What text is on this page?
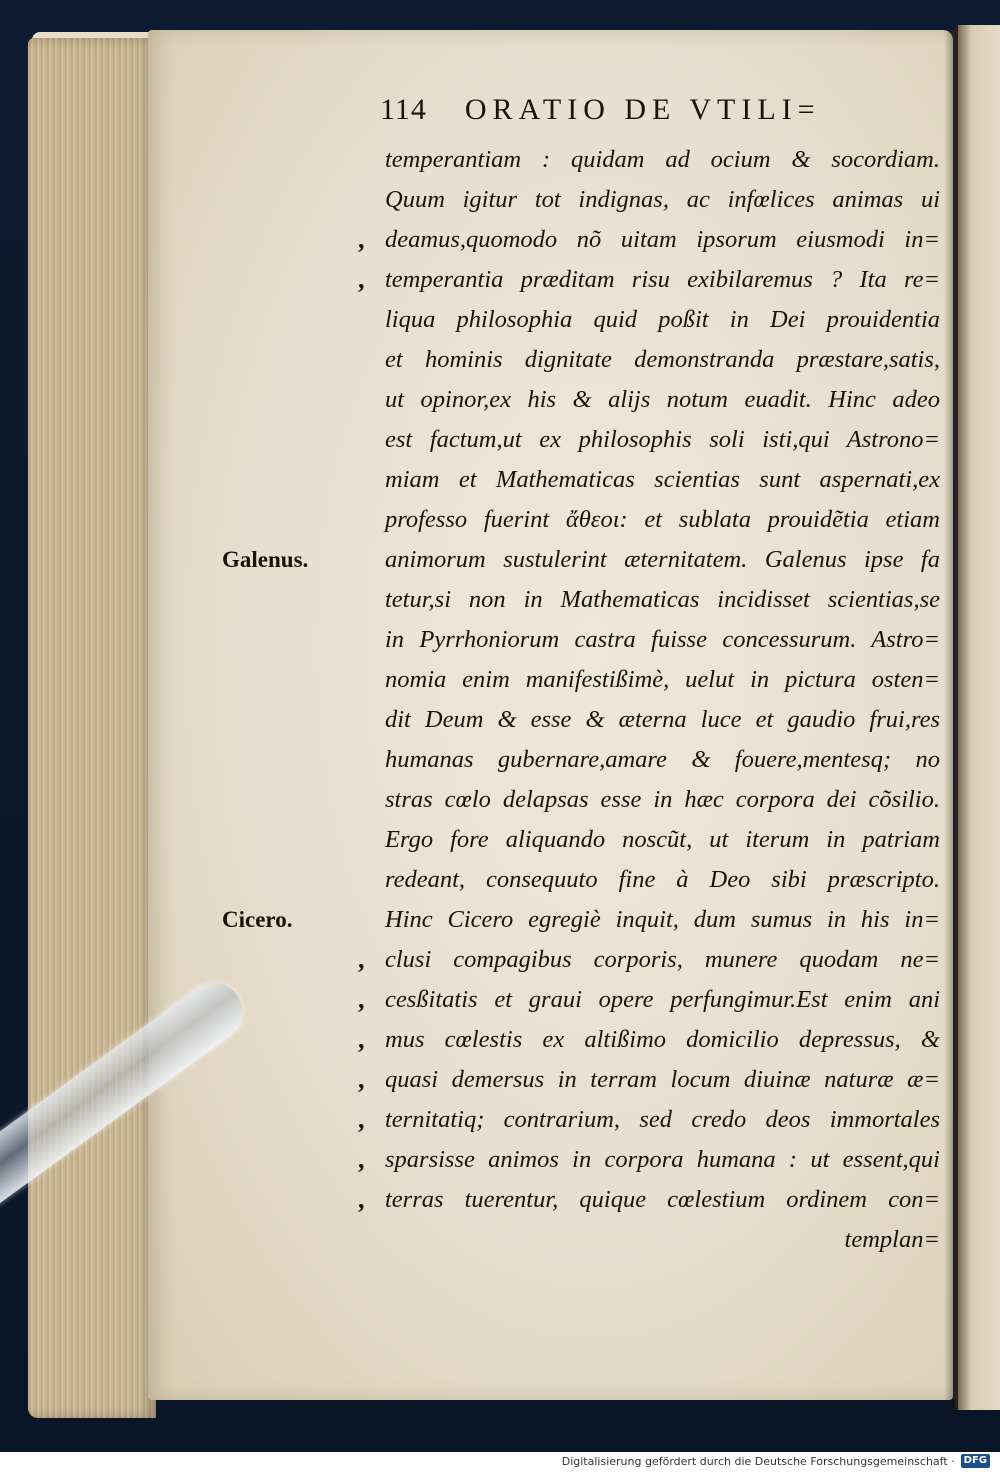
114 ORATIO DE VTILI=
temperantiam : quidam ad ocium & socordiam.
Quum igitur tot indignas, ac infœlices animas ui
, deamus,quomodo nõ uitam ipsorum eiusmodi in=
, temperantia præditam risu exibilaremus ? Ita re=
liqua philosophia quid poßit in Dei prouidentia
et hominis dignitate demonstranda præstare,satis,
ut opinor,ex his & alijs notum euadit. Hinc adeo
est factum,ut ex philosophis soli isti,qui Astrono=
miam et Mathematicas scientias sunt aspernati,ex
professo fuerint ἄθεοι: et sublata prouidẽtia etiam
Galenus.	animorum sustulerint æternitatem. Galenus ipse fa
tetur,si non in Mathematicas incidisset scientias,se
in Pyrrhoniorum castra fuisse concessurum. Astro=
nomia enim manifestißimè, uelut in pictura osten=
dit Deum & esse & æterna luce et gaudio frui,res
humanas gubernare,amare & fouere,mentesq; no
stras cœlo delapsas esse in hæc corpora dei cõsilio.
Ergo fore aliquando noscũt, ut iterum in patriam
redeant, consequuto fine à Deo sibi præscripto.
Cicero.	Hinc Cicero egregiè inquit, dum sumus in his in=
, clusi compagibus corporis, munere quodam ne=
, cesßitatis et graui opere perfungimur.Est enim ani
, mus cœlestis ex altißimo domicilio depressus, &
, quasi demersus in terram locum diuinæ naturæ æ=
, ternitatiq; contrarium, sed credo deos immortales
, sparsisse animos in corpora humana : ut essent,qui
, terras tuerentur, quique cœlestium ordinem con=
templan=
Digitalisierung gefördert durch die Deutsche Forschungsgemeinschaft · DFG
